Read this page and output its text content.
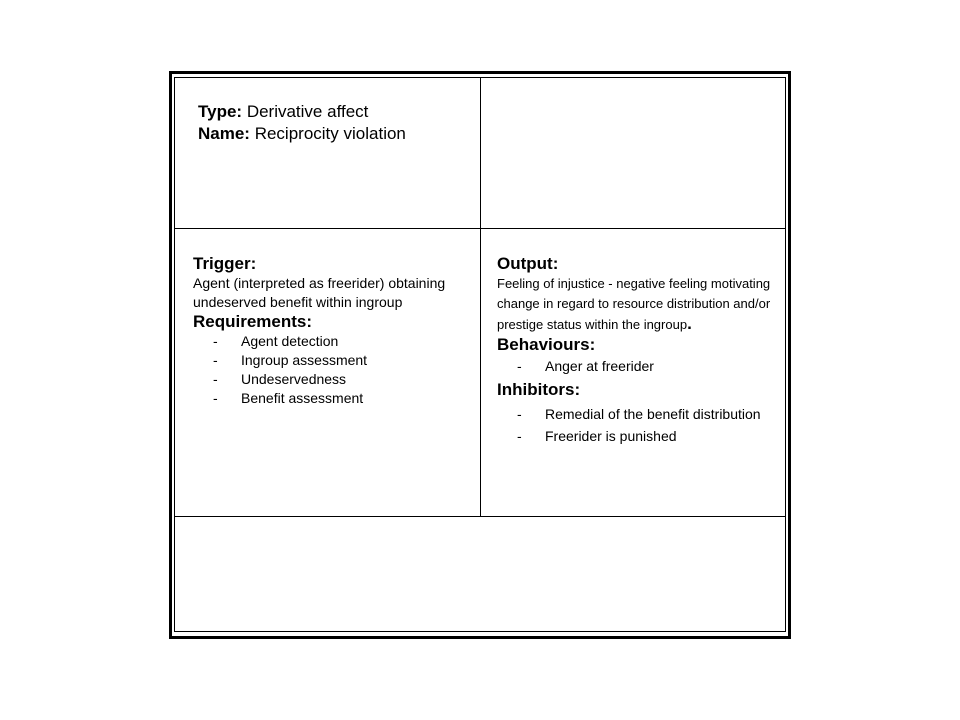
Type: Derivative affect
Name: Reciprocity violation
Trigger:
Agent (interpreted as freerider) obtaining undeserved benefit within ingroup
Requirements:
- Agent detection
- Ingroup assessment
- Undeservedness
- Benefit assessment
Output:
Feeling of injustice - negative feeling motivating change in regard to resource distribution and/or prestige status within the ingroup.
Behaviours:
- Anger at freerider
Inhibitors:
- Remedial of the benefit distribution
- Freerider is punished
